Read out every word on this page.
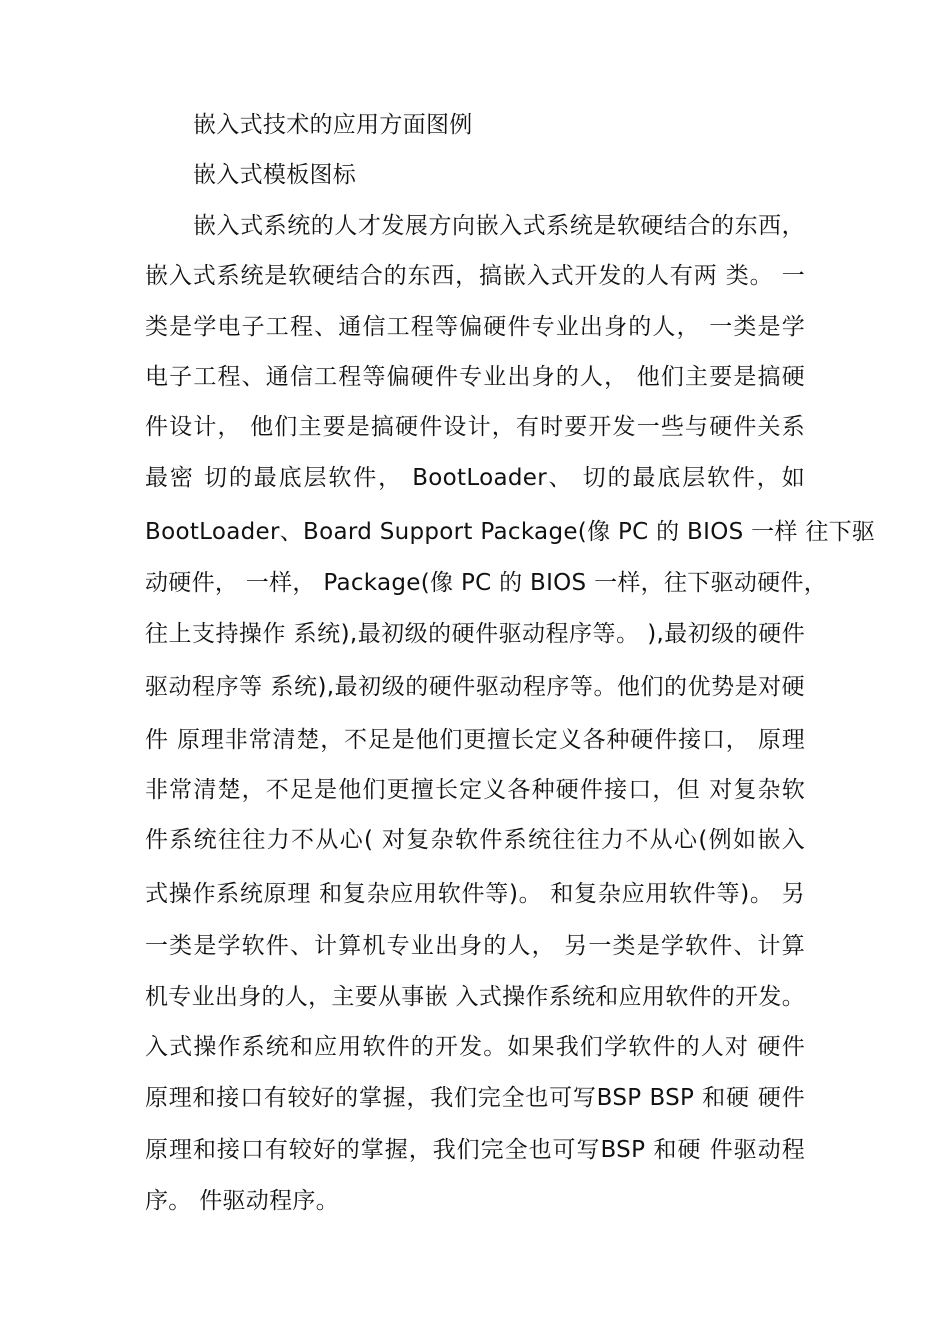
嵌入式技术的应用方面图例
嵌入式模板图标
嵌入式系统的人才发展方向嵌入式系统是软硬结合的东西，
嵌入式系统是软硬结合的东西，搞嵌入式开发的人有两 类。 一
类是学电子工程、通信工程等偏硬件专业出身的人， 一类是学
电子工程、通信工程等偏硬件专业出身的人， 他们主要是搞硬
件设计， 他们主要是搞硬件设计，有时要开发一些与硬件关系
最密 切的最底层软件， BootLoader、 切的最底层软件，如
BootLoader、Board Support Package(像 PC 的 BIOS 一样 往下驱
动硬件， 一样， Package(像 PC 的 BIOS 一样，往下驱动硬件，
往上支持操作 系统),最初级的硬件驱动程序等。 ),最初级的硬件
驱动程序等 系统),最初级的硬件驱动程序等。他们的优势是对硬
件 原理非常清楚，不足是他们更擅长定义各种硬件接口， 原理
非常清楚，不足是他们更擅长定义各种硬件接口，但 对复杂软
件系统往往力不从心( 对复杂软件系统往往力不从心(例如嵌入
式操作系统原理 和复杂应用软件等)。 和复杂应用软件等)。 另
一类是学软件、计算机专业出身的人， 另一类是学软件、计算
机专业出身的人，主要从事嵌 入式操作系统和应用软件的开发。
入式操作系统和应用软件的开发。如果我们学软件的人对 硬件
原理和接口有较好的掌握，我们完全也可写BSP BSP 和硬 硬件
原理和接口有较好的掌握，我们完全也可写BSP 和硬 件驱动程
序。 件驱动程序。
